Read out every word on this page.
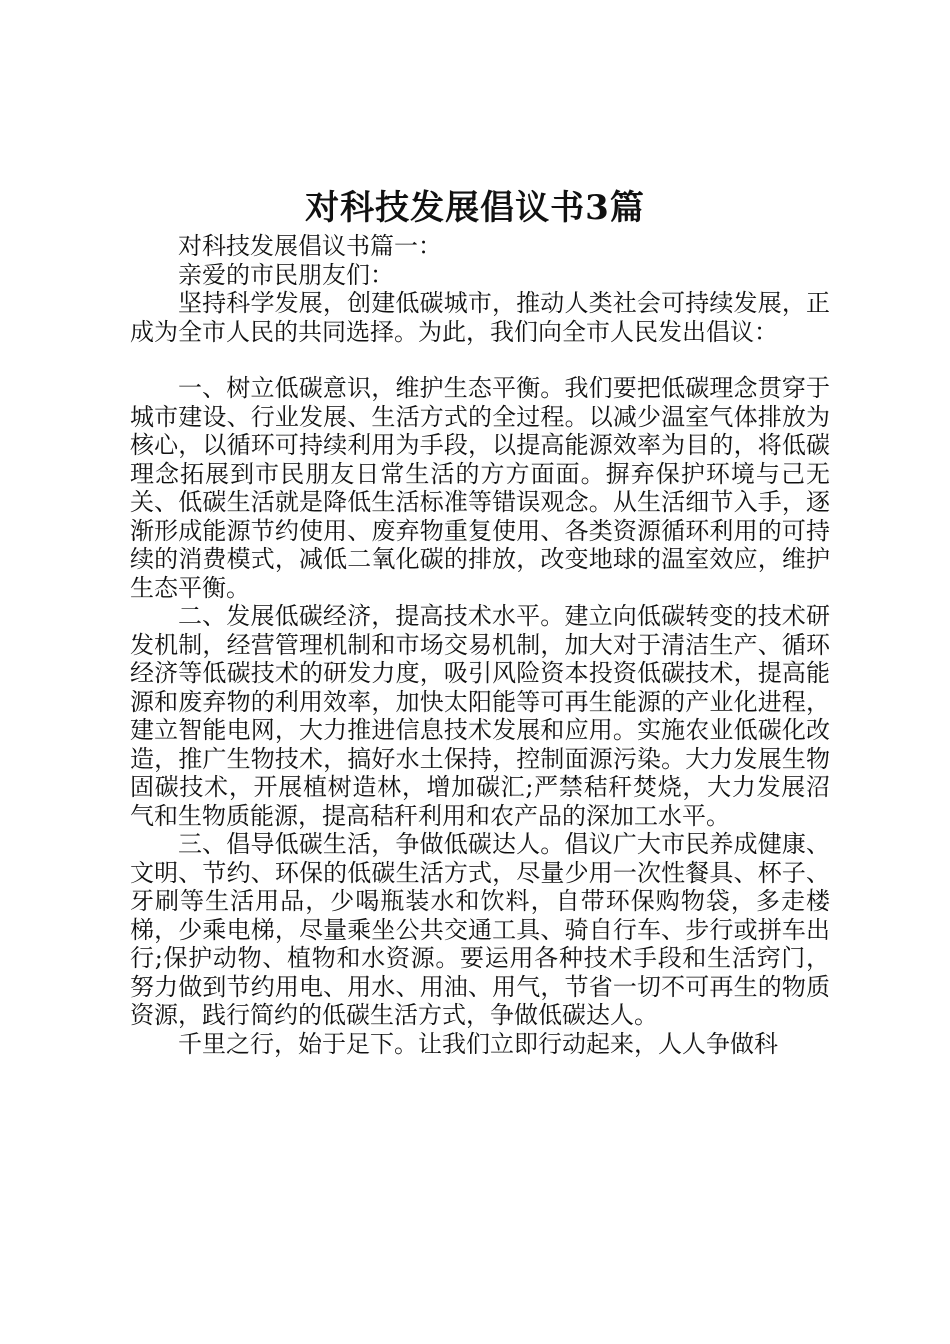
对科技发展倡议书3篇

对科技发展倡议书篇一：

亲爱的市民朋友们：

坚持科学发展，创建低碳城市，推动人类社会可持续发展，正成为全市人民的共同选择。为此，我们向全市人民发出倡议：

一、树立低碳意识，维护生态平衡。我们要把低碳理念贯穿于城市建设、行业发展、生活方式的全过程。以减少温室气体排放为核心，以循环可持续利用为手段，以提高能源效率为目的，将低碳理念拓展到市民朋友日常生活的方方面面。摒弃保护环境与己无关、低碳生活就是降低生活标准等错误观念。从生活细节入手，逐渐形成能源节约使用、废弃物重复使用、各类资源循环利用的可持续的消费模式，减低二氧化碳的排放，改变地球的温室效应，维护生态平衡。

二、发展低碳经济，提高技术水平。建立向低碳转变的技术研发机制，经营管理机制和市场交易机制，加大对于清洁生产、循环经济等低碳技术的研发力度，吸引风险资本投资低碳技术，提高能源和废弃物的利用效率，加快太阳能等可再生能源的产业化进程，建立智能电网，大力推进信息技术发展和应用。实施农业低碳化改造，推广生物技术，搞好水土保持，控制面源污染。大力发展生物固碳技术，开展植树造林，增加碳汇;严禁秸秆焚烧，大力发展沼气和生物质能源，提高秸秆利用和农产品的深加工水平。

三、倡导低碳生活，争做低碳达人。倡议广大市民养成健康、文明、节约、环保的低碳生活方式，尽量少用一次性餐具、杯子、牙刷等生活用品，少喝瓶装水和饮料，自带环保购物袋，多走楼梯，少乘电梯，尽量乘坐公共交通工具、骑自行车、步行或拼车出行;保护动物、植物和水资源。要运用各种技术手段和生活窍门，努力做到节约用电、用水、用油、用气，节省一切不可再生的物质资源，践行简约的低碳生活方式，争做低碳达人。

千里之行，始于足下。让我们立即行动起来，人人争做科
